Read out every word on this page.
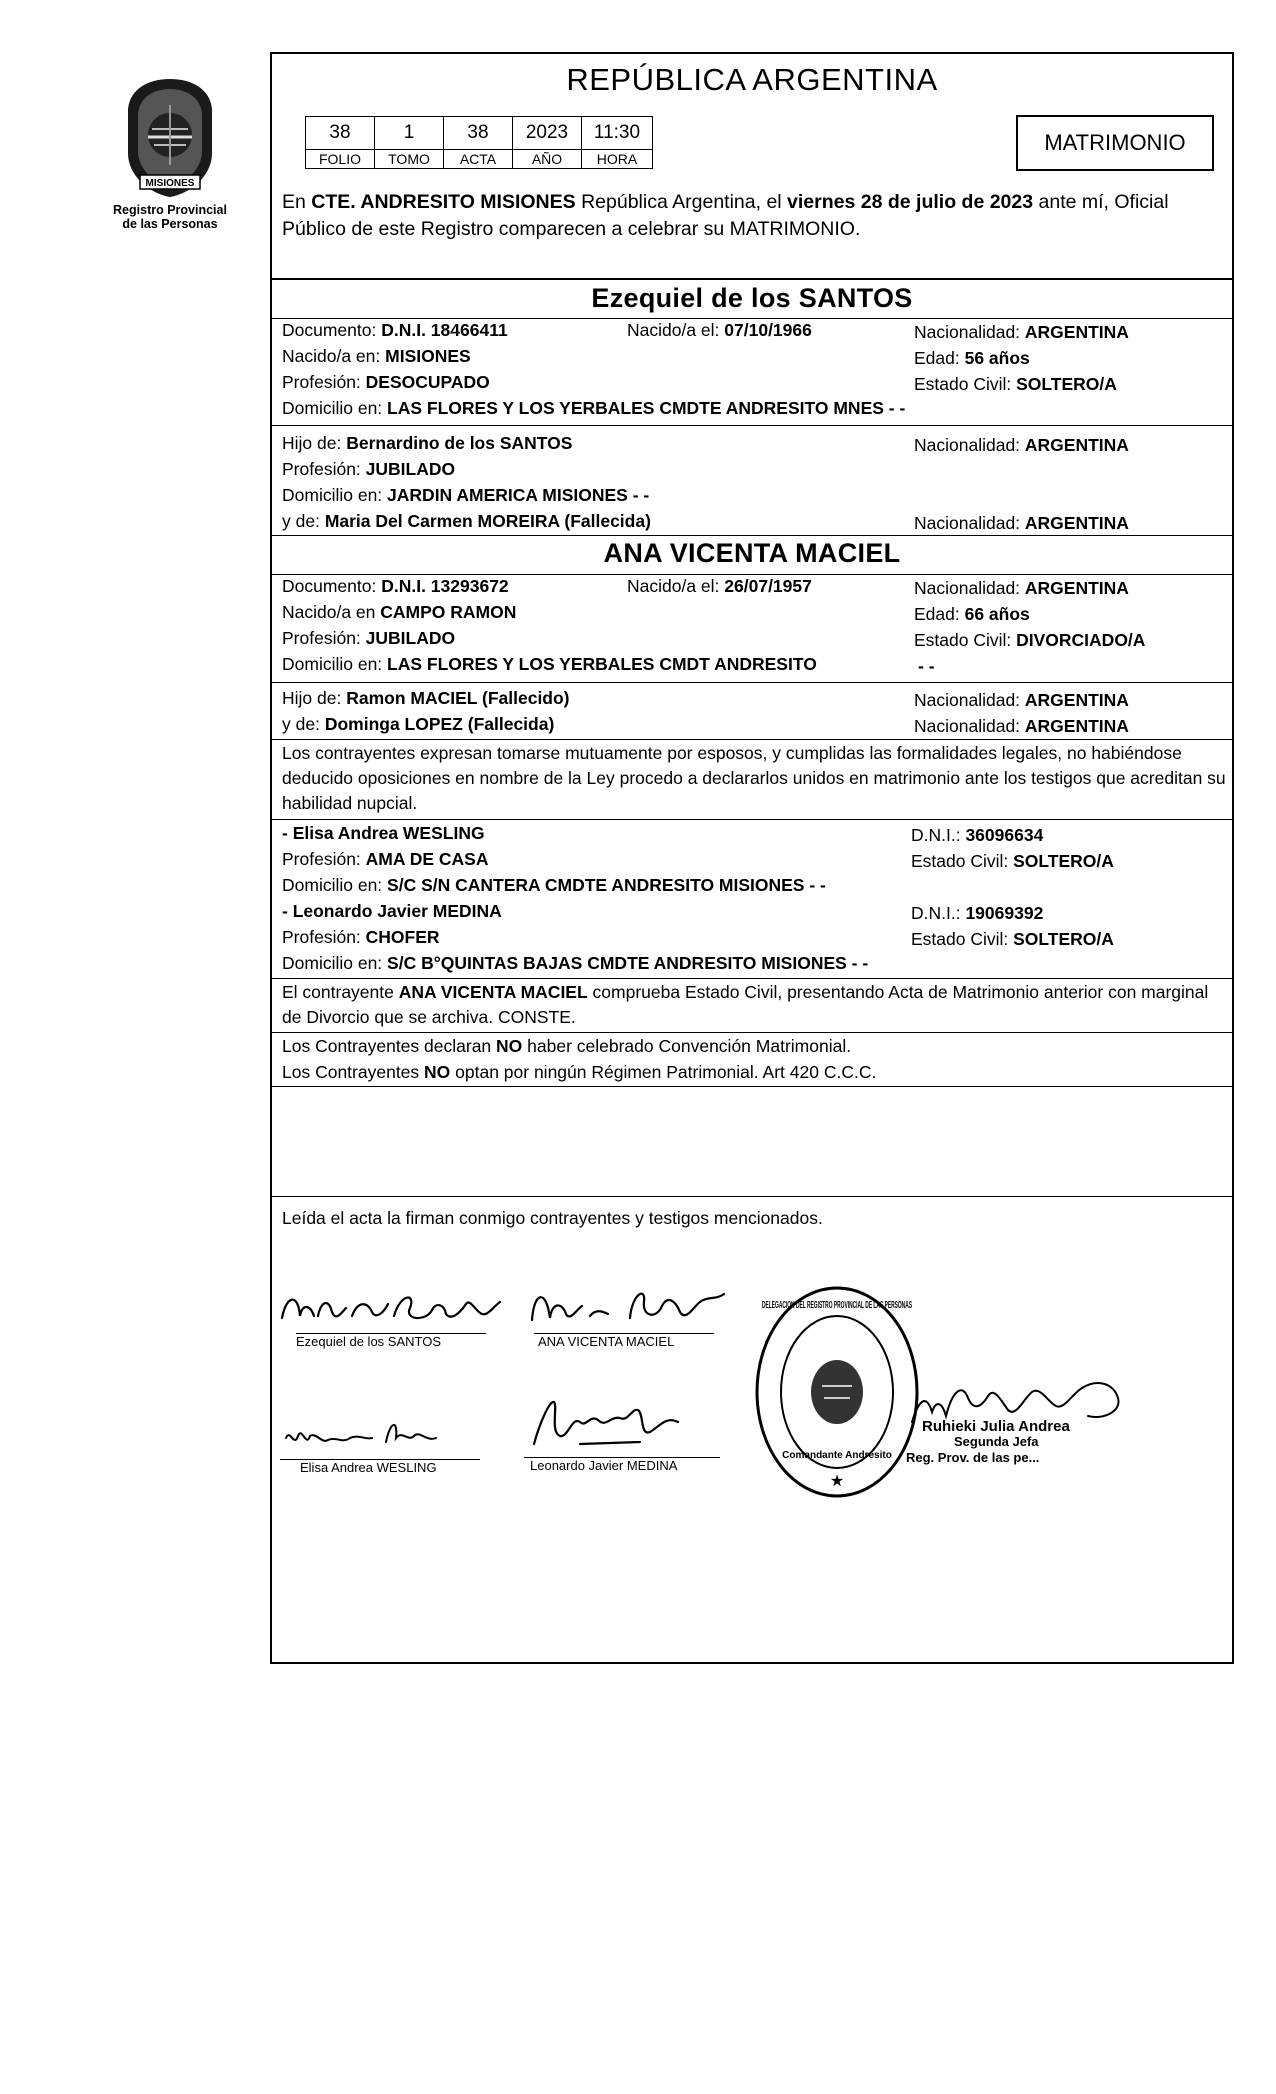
MISIONES
Registro Provincial
de las Personas
REPÚBLICA ARGENTINA
38	1	38	2023	11:30
FOLIO	TOMO	ACTA	AÑO	HORA
MATRIMONIO
En CTE. ANDRESITO MISIONES República Argentina, el viernes 28 de julio de 2023 ante mí, Oficial Público de este Registro comparecen a celebrar su MATRIMONIO.
Ezequiel de los SANTOS
Documento: D.N.I. 18466411	Nacido/a el: 07/10/1966	Nacionalidad: ARGENTINA
Nacido/a en: MISIONES	Edad: 56 años
Profesión: DESOCUPADO	Estado Civil: SOLTERO/A
Domicilio en: LAS FLORES Y LOS YERBALES CMDTE ANDRESITO MNES - -
Hijo de: Bernardino de los SANTOS	Nacionalidad: ARGENTINA
Profesión: JUBILADO
Domicilio en: JARDIN AMERICA MISIONES - -
y de: Maria Del Carmen MOREIRA (Fallecida)	Nacionalidad: ARGENTINA
ANA VICENTA MACIEL
Documento: D.N.I. 13293672	Nacido/a el: 26/07/1957	Nacionalidad: ARGENTINA
Nacido/a en CAMPO RAMON	Edad: 66 años
Profesión: JUBILADO	Estado Civil: DIVORCIADO/A
Domicilio en: LAS FLORES Y LOS YERBALES CMDT ANDRESITO	- -
Hijo de: Ramon MACIEL (Fallecido)	Nacionalidad: ARGENTINA
y de: Dominga LOPEZ (Fallecida)	Nacionalidad: ARGENTINA
Los contrayentes expresan tomarse mutuamente por esposos, y cumplidas las formalidades legales, no habiéndose deducido oposiciones en nombre de la Ley procedo a declararlos unidos en matrimonio ante los testigos que acreditan su habilidad nupcial.
- Elisa Andrea WESLING	D.N.I.: 36096634
Profesión: AMA DE CASA	Estado Civil: SOLTERO/A
Domicilio en: S/C S/N CANTERA CMDTE ANDRESITO MISIONES - -
- Leonardo Javier MEDINA	D.N.I.: 19069392
Profesión: CHOFER	Estado Civil: SOLTERO/A
Domicilio en: S/C B°QUINTAS BAJAS CMDTE ANDRESITO MISIONES - -
El contrayente ANA VICENTA MACIEL comprueba Estado Civil, presentando Acta de Matrimonio anterior con marginal de Divorcio que se archiva. CONSTE.
Los Contrayentes declaran NO haber celebrado Convención Matrimonial.
Los Contrayentes NO optan por ningún Régimen Patrimonial. Art 420 C.C.C.
Leída el acta la firman conmigo contrayentes y testigos mencionados.
Ezequiel de los SANTOS	ANA VICENTA MACIEL
Elisa Andrea WESLING	Leonardo Javier MEDINA
DELEGACION DEL REGISTRO PROVINCIAL DE LAS PERSONAS
Comandante Andresito
★
Ruhieki Julia Andrea
Segunda Jefa
Reg. Prov. de las pe...
